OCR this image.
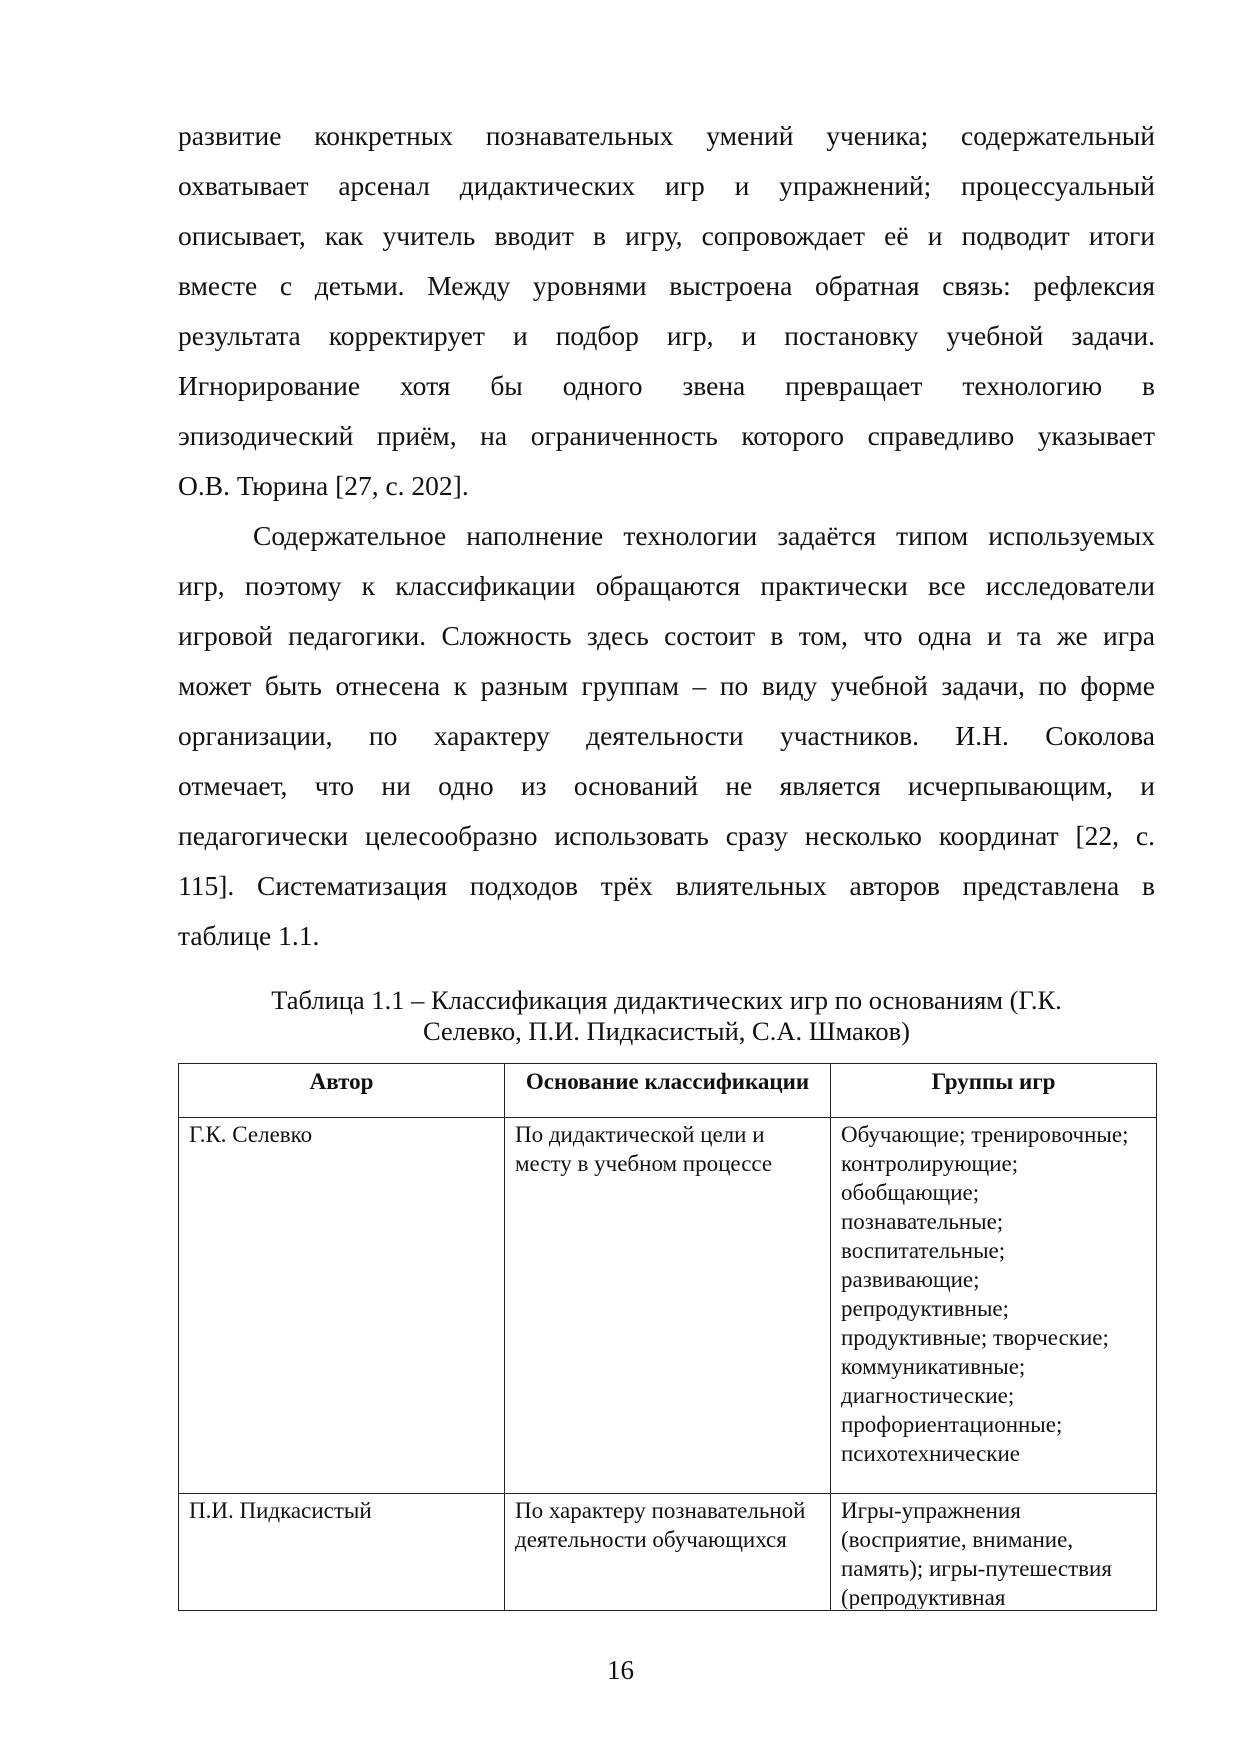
развитие конкретных познавательных умений ученика; содержательный
охватывает арсенал дидактических игр и упражнений; процессуальный
описывает, как учитель вводит в игру, сопровождает её и подводит итоги
вместе с детьми. Между уровнями выстроена обратная связь: рефлексия
результата корректирует и подбор игр, и постановку учебной задачи.
Игнорирование хотя бы одного звена превращает технологию в
эпизодический приём, на ограниченность которого справедливо указывает
О.В. Тюрина [27, с. 202].
Содержательное наполнение технологии задаётся типом используемых
игр, поэтому к классификации обращаются практически все исследователи
игровой педагогики. Сложность здесь состоит в том, что одна и та же игра
может быть отнесена к разным группам – по виду учебной задачи, по форме
организации, по характеру деятельности участников. И.Н. Соколова
отмечает, что ни одно из оснований не является исчерпывающим, и
педагогически целесообразно использовать сразу несколько координат [22, с.
115]. Систематизация подходов трёх влиятельных авторов представлена в
таблице 1.1.
Таблица 1.1 – Классификация дидактических игр по основаниям (Г.К.
Селевко, П.И. Пидкасистый, С.А. Шмаков)
Автор	Основание классификации	Группы игр
Г.К. Селевко	По дидактической цели и месту в учебном процессе	Обучающие; тренировочные; контролирующие; обобщающие; познавательные; воспитательные; развивающие; репродуктивные; продуктивные; творческие; коммуникативные; диагностические; профориентационные; психотехнические

П.И. Пидкасистый	По характеру познавательной деятельности обучающихся	Игры-упражнения (восприятие, внимание, память); игры-путешествия (репродуктивная
16
